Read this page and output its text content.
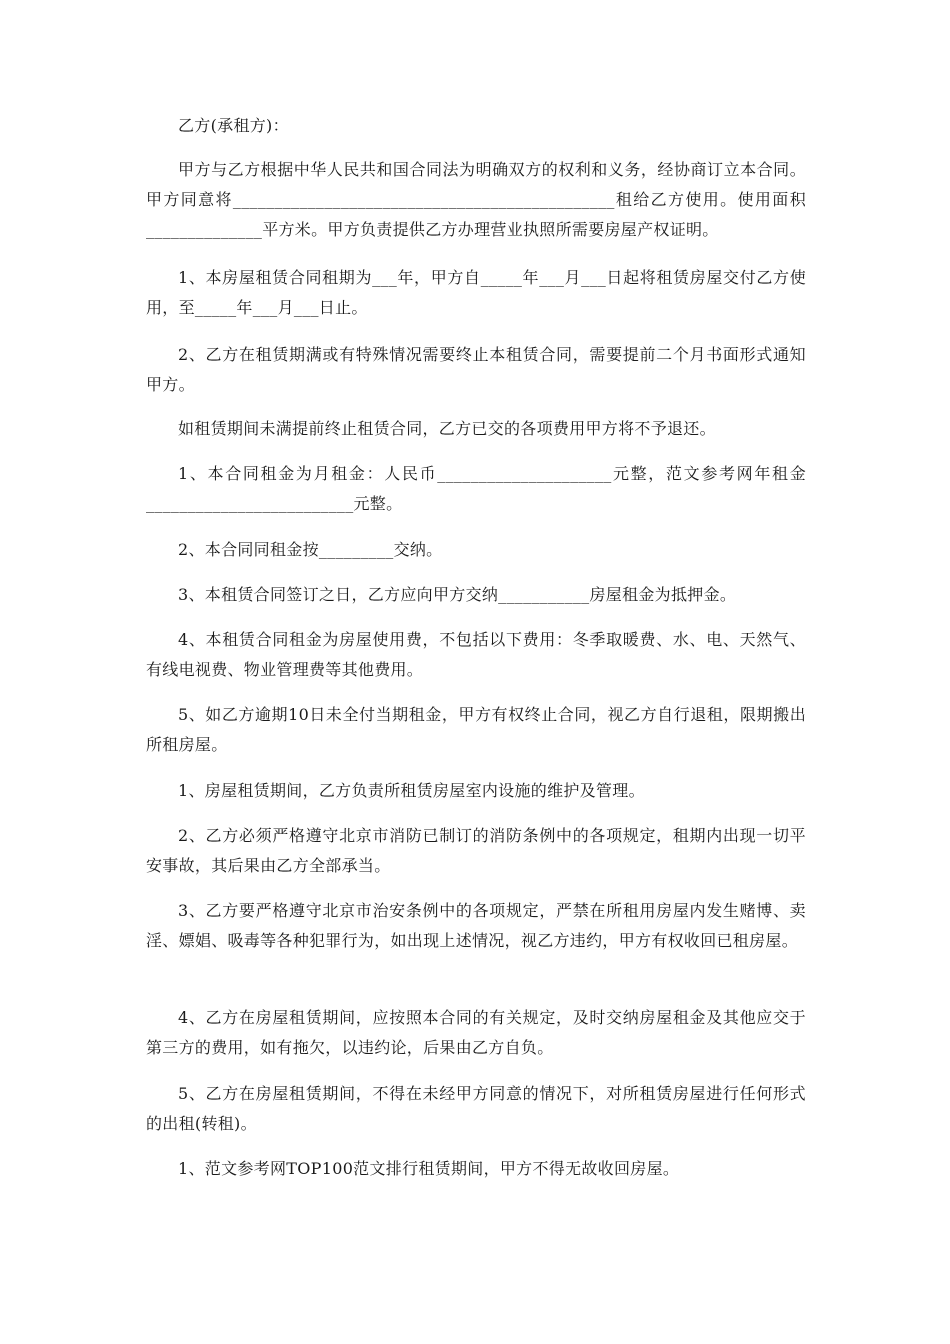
乙方(承租方)：

甲方与乙方根据中华人民共和国合同法为明确双方的权利和义务，经协商订立本合同。甲方同意将______________________________________________租给乙方使用。使用面积______________平方米。甲方负责提供乙方办理营业执照所需要房屋产权证明。

1、本房屋租赁合同租期为___年，甲方自_____年___月___日起将租赁房屋交付乙方使用，至_____年___月___日止。

2、乙方在租赁期满或有特殊情况需要终止本租赁合同，需要提前二个月书面形式通知甲方。

如租赁期间未满提前终止租赁合同，乙方已交的各项费用甲方将不予退还。

1、本合同租金为月租金：人民币_____________________元整，范文参考网年租金   _________________________元整。

2、本合同同租金按_________交纳。

3、本租赁合同签订之日，乙方应向甲方交纳___________房屋租金为抵押金。

4、本租赁合同租金为房屋使用费，不包括以下费用：冬季取暖费、水、电、天然气、有线电视费、物业管理费等其他费用。

5、如乙方逾期10日未全付当期租金，甲方有权终止合同，视乙方自行退租，限期搬出所租房屋。

1、房屋租赁期间，乙方负责所租赁房屋室内设施的维护及管理。

2、乙方必须严格遵守北京市消防已制订的消防条例中的各项规定，租期内出现一切平安事故，其后果由乙方全部承当。

3、乙方要严格遵守北京市治安条例中的各项规定，严禁在所租用房屋内发生赌博、卖淫、嫖娼、吸毒等各种犯罪行为，如出现上述情况，视乙方违约，甲方有权收回已租房屋。

4、乙方在房屋租赁期间，应按照本合同的有关规定，及时交纳房屋租金及其他应交于第三方的费用，如有拖欠，以违约论，后果由乙方自负。

5、乙方在房屋租赁期间，不得在未经甲方同意的情况下，对所租赁房屋进行任何形式的出租(转租)。

1、范文参考网TOP100范文排行租赁期间，甲方不得无故收回房屋。
